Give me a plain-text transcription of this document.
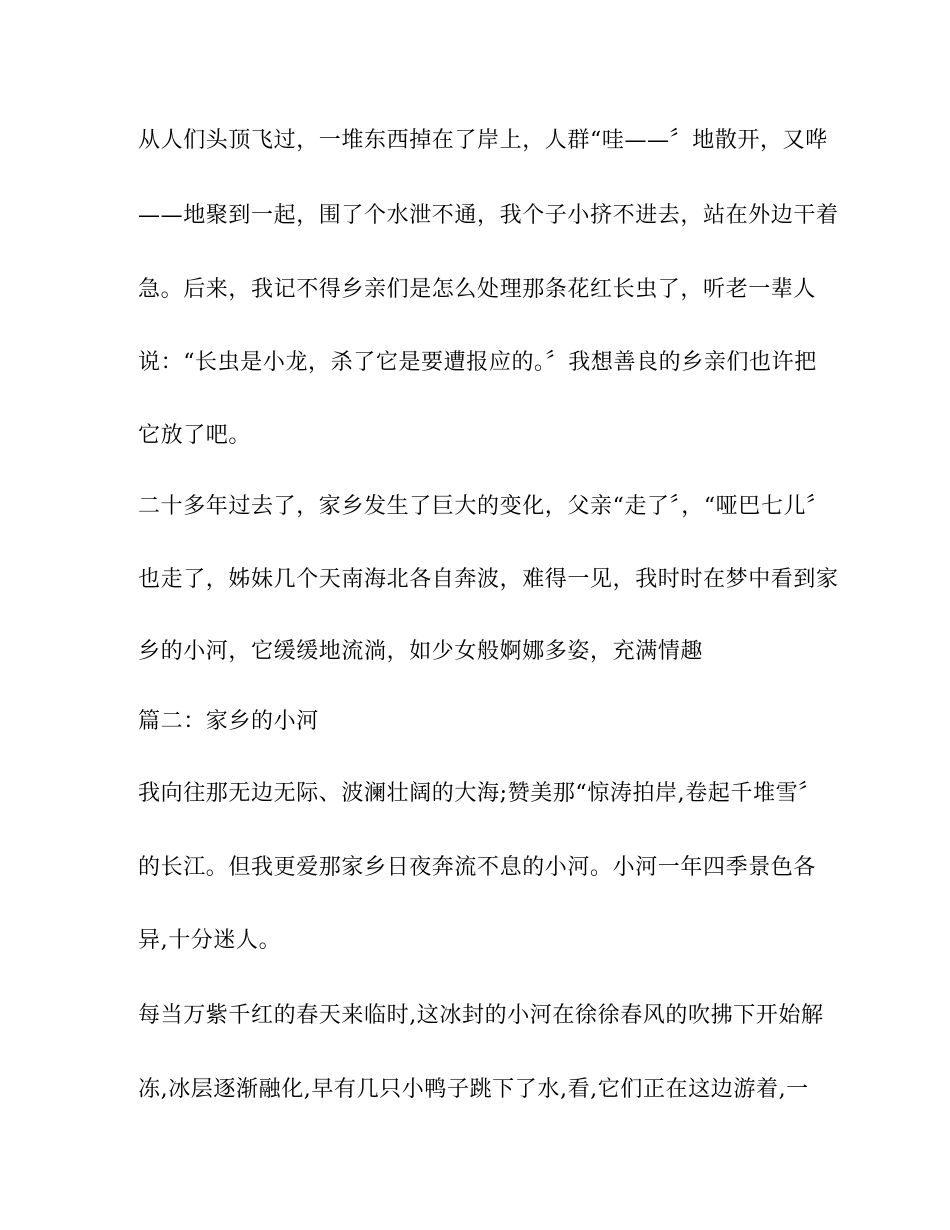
从人们头顶飞过，一堆东西掉在了岸上，人群“哇——〞地散开，又哗
——地聚到一起，围了个水泄不通，我个子小挤不进去，站在外边干着
急。后来，我记不得乡亲们是怎么处理那条花红长虫了，听老一辈人
说：“长虫是小龙，杀了它是要遭报应的。〞我想善良的乡亲们也许把
它放了吧。
二十多年过去了，家乡发生了巨大的变化，父亲“走了〞，“哑巴七儿〞
也走了，姊妹几个天南海北各自奔波，难得一见，我时时在梦中看到家
乡的小河，它缓缓地流淌，如少女般婀娜多姿，充满情趣
篇二：家乡的小河
我向往那无边无际、波澜壮阔的大海;赞美那“惊涛拍岸,卷起千堆雪〞
的长江。但我更爱那家乡日夜奔流不息的小河。小河一年四季景色各
异,十分迷人。
每当万紫千红的春天来临时,这冰封的小河在徐徐春风的吹拂下开始解
冻,冰层逐渐融化,早有几只小鸭子跳下了水,看,它们正在这边游着,一
